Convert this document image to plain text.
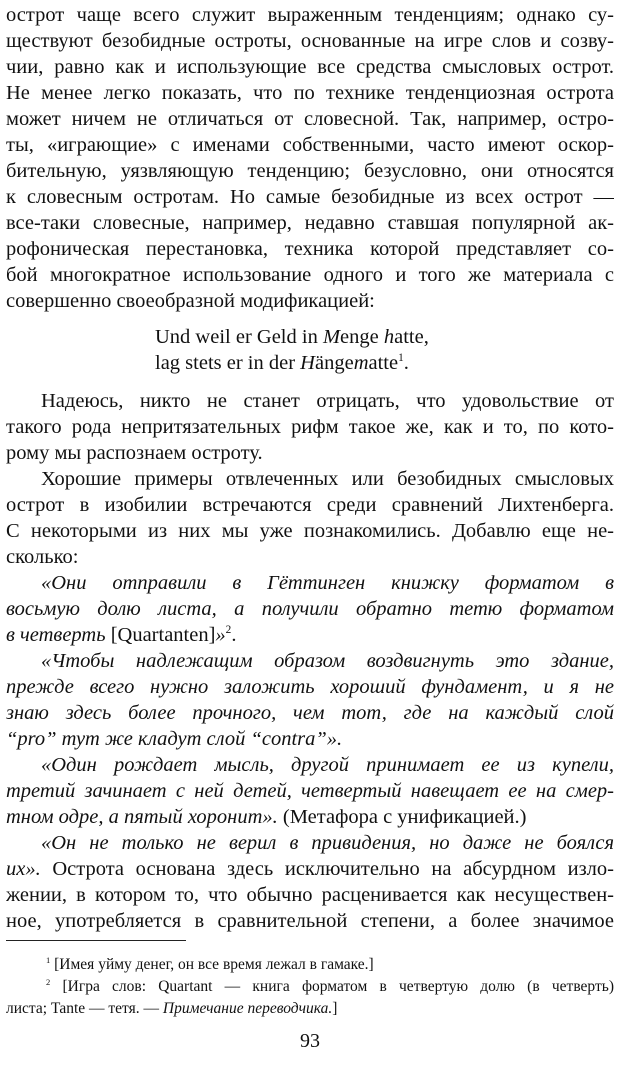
острот чаще всего служит выраженным тенденциям; однако су-
ществуют безобидные остроты, основанные на игре слов и созву-
чии, равно как и использующие все средства смысловых острот.
Не менее легко показать, что по технике тенденциозная острота
может ничем не отличаться от словесной. Так, например, остро-
ты, «играющие» с именами собственными, часто имеют оскор-
бительную, уязвляющую тенденцию; безусловно, они относятся
к словесным остротам. Но самые безобидные из всех острот —
все-таки словесные, например, недавно ставшая популярной ак-
рофоническая перестановка, техника которой представляет со-
бой многократное использование одного и того же материала с
совершенно своеобразной модификацией:
Und weil er Geld in Menge hatte,
lag stets er in der Hängematte$^1$.
Надеюсь, никто не станет отрицать, что удовольствие от
такого рода непритязательных рифм такое же, как и то, по кото-
рому мы распознаем остроту.
Хорошие примеры отвлеченных или безобидных смысловых
острот в изобилии встречаются среди сравнений Лихтенберга.
С некоторыми из них мы уже познакомились. Добавлю еще не-
сколько:
«Они отправили в Гёттинген книжку форматом в
восьмую долю листа, а получили обратно тетю форматом
в четверть [Quartanten]»$^2$.
«Чтобы надлежащим образом воздвигнуть это здание,
прежде всего нужно заложить хороший фундамент, и я не
знаю здесь более прочного, чем тот, где на каждый слой
“pro” тут же кладут слой “contra”».
«Один рождает мысль, другой принимает ее из купели,
третий зачинает с ней детей, четвертый навещает ее на смер-
тном одре, а пятый хоронит». (Метафора с унификацией.)
«Он не только не верил в привидения, но даже не боялся
их». Острота основана здесь исключительно на абсурдном изло-
жении, в котором то, что обычно расценивается как несуществен-
ное, употребляется в сравнительной степени, а более значимое
$^1$ [Имея уйму денег, он все время лежал в гамаке.]
$^2$ [Игра слов: Quartant — книга форматом в четвертую долю (в четверть)
листа; Tante — тетя. — Примечание переводчика.]
93
